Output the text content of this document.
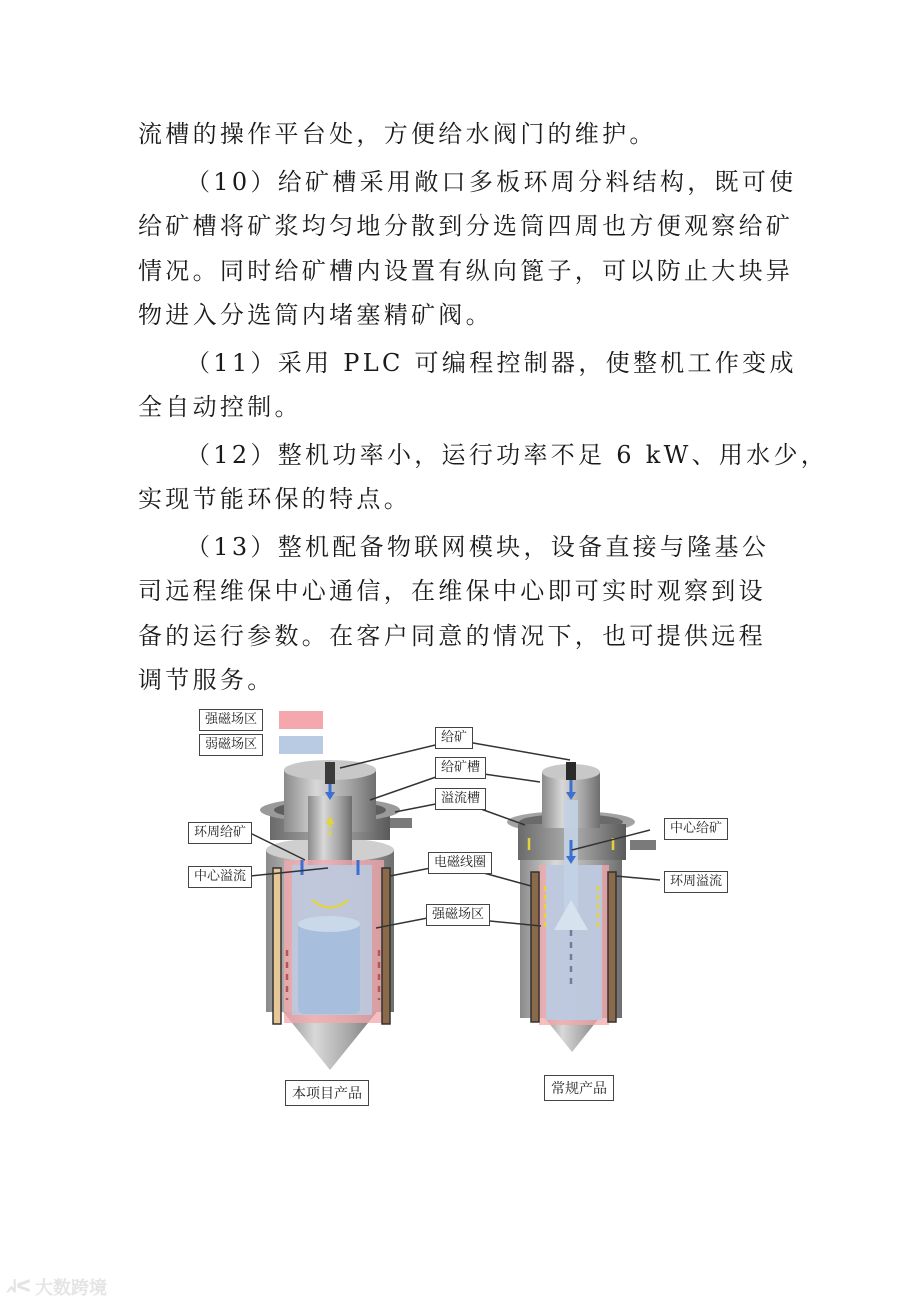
流槽的操作平台处，方便给水阀门的维护。

（10）给矿槽采用敞口多板环周分料结构，既可使
给矿槽将矿浆均匀地分散到分选筒四周也方便观察给矿
情况。同时给矿槽内设置有纵向篦子，可以防止大块异
物进入分选筒内堵塞精矿阀。

（11）采用 PLC 可编程控制器，使整机工作变成
全自动控制。

（12）整机功率小，运行功率不足 6 kW、用水少，
实现节能环保的特点。

（13）整机配备物联网模块，设备直接与隆基公
司远程维保中心通信，在维保中心即可实时观察到设
备的运行参数。在客户同意的情况下，也可提供远程
调节服务。

强磁场区
弱磁场区	给矿
给矿槽
溢流槽
环周给矿
中心溢流
电磁线圈
强磁场区
中心给矿
环周溢流
本项目产品	常规产品
ᖽᐸ 大数跨境
